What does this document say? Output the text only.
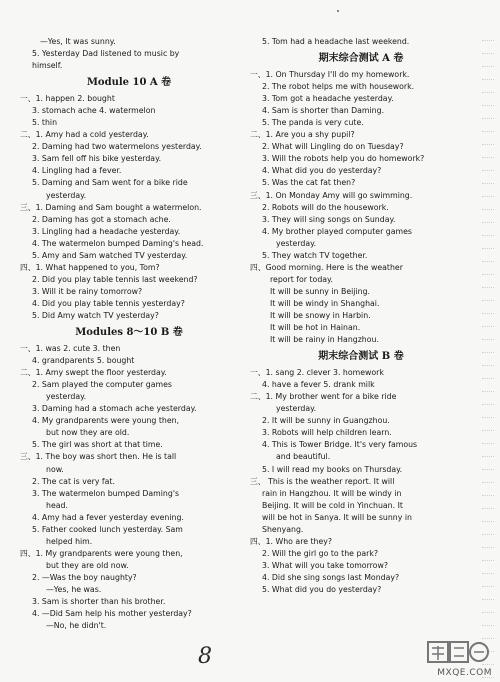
—Yes, It was sunny.
5. Yesterday Dad listened to music by
himself.
Module 10 A 卷
一、1. happen 2. bought
3. stomach ache 4. watermelon
5. thin
二、1. Amy had a cold yesterday.
2. Daming had two watermelons yesterday.
3. Sam fell off his bike yesterday.
4. Lingling had a fever.
5. Daming and Sam went for a bike ride
yesterday.
三、1. Daming and Sam bought a watermelon.
2. Daming has got a stomach ache.
3. Lingling had a headache yesterday.
4. The watermelon bumped Daming's head.
5. Amy and Sam watched TV yesterday.
四、1. What happened to you, Tom?
2. Did you play table tennis last weekend?
3. Will it be rainy tomorrow?
4. Did you play table tennis yesterday?
5. Did Amy watch TV yesterday?
Modules 8～10 B 卷
一、1. was 2. cute 3. then
4. grandparents 5. bought
二、1. Amy swept the floor yesterday.
2. Sam played the computer games
yesterday.
3. Daming had a stomach ache yesterday.
4. My grandparents were young then,
but now they are old.
5. The girl was short at that time.
三、1. The boy was short then. He is tall
now.
2. The cat is very fat.
3. The watermelon bumped Daming's
head.
4. Amy had a fever yesterday evening.
5. Father cooked lunch yesterday. Sam
helped him.
四、1. My grandparents were young then,
but they are old now.
2. —Was the boy naughty?
—Yes, he was.
3. Sam is shorter than his brother.
4. —Did Sam help his mother yesterday?
—No, he didn't.
5. Tom had a headache last weekend.
期末综合测试 A 卷
一、1. On Thursday I'll do my homework.
2. The robot helps me with housework.
3. Tom got a headache yesterday.
4. Sam is shorter than Daming.
5. The panda is very cute.
二、1. Are you a shy pupil?
2. What will Lingling do on Tuesday?
3. Will the robots help you do homework?
4. What did you do yesterday?
5. Was the cat fat then?
三、1. On Monday Amy will go swimming.
2. Robots will do the housework.
3. They will sing songs on Sunday.
4. My brother played computer games
yesterday.
5. They watch TV together.
四、Good morning. Here is the weather
report for today.
It will be sunny in Beijing.
It will be windy in Shanghai.
It will be snowy in Harbin.
It will be hot in Hainan.
It will be rainy in Hangzhou.
期末综合测试 B 卷
一、1. sang 2. clever 3. homework
4. have a fever 5. drank milk
二、1. My brother went for a bike ride
yesterday.
2. It will be sunny in Guangzhou.
3. Robots will help children learn.
4. This is Tower Bridge. It's very famous
and beautiful.
5. I will read my books on Thursday.
三、 This is the weather report. It will
rain in Hangzhou. It will be windy in
Beijing. It will be cold in Yinchuan. It
will be hot in Sanya. It will be sunny in
Shenyang.
四、1. Who are they?
2. Will the girl go to the park?
3. What will you take tomorrow?
4. Did she sing songs last Monday?
5. What did you do yesterday?
8
MXQE.COM
